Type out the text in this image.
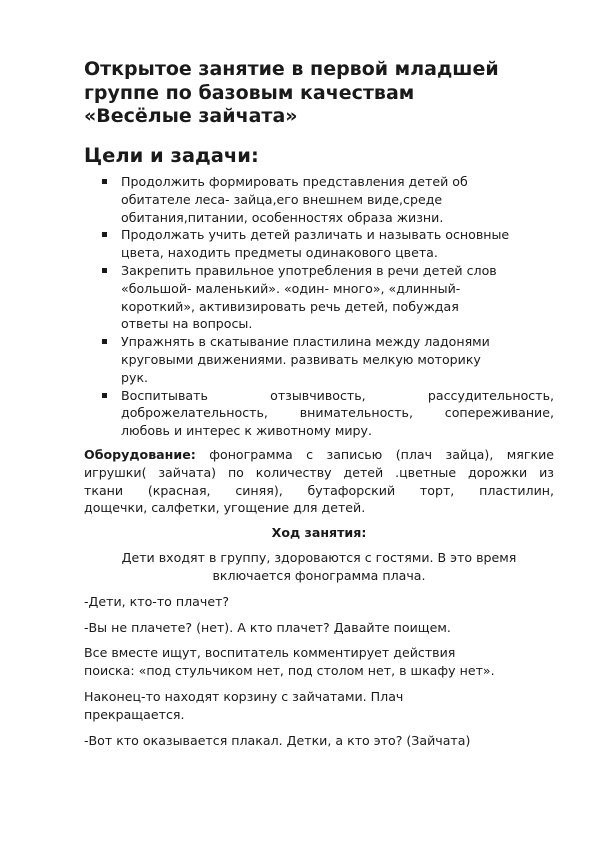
Открытое занятие в первой младшей
группе по базовым качествам
«Весёлые зайчата»
Цели и задачи:
Продолжить формировать представления детей об
обитателе леса- зайца,его внешнем виде,среде
обитания,питании, особенностях образа жизни.
Продолжать учить детей различать и называть основные
цвета, находить предметы одинакового цвета.
Закрепить правильное употребления в речи детей слов
«большой- маленький». «один- много», «длинный-
короткий», активизировать речь детей, побуждая
ответы на вопросы.
Упражнять в скатывание пластилина между ладонями
круговыми движениями. развивать мелкую моторику
рук.
Воспитывать отзывчивость, рассудительность,
доброжелательность, внимательность, сопереживание,
любовь и интерес к животному миру.

Оборудование: фонограмма с записью (плач зайца), мягкие
игрушки( зайчата) по количеству детей .цветные дорожки из
ткани (красная, синяя), бутафорский торт, пластилин,
дощечки, салфетки, угощение для детей.

Ход занятия:

Дети входят в группу, здороваются с гостями. В это время
включается фонограмма плача.

-Дети, кто-то плачет?

-Вы не плачете? (нет). А кто плачет? Давайте поищем.

Все вместе ищут, воспитатель комментирует действия
поиска: «под стульчиком нет, под столом нет, в шкафу нет».

Наконец-то находят корзину с зайчатами. Плач
прекращается.

-Вот кто оказывается плакал. Детки, а кто это? (Зайчата)
